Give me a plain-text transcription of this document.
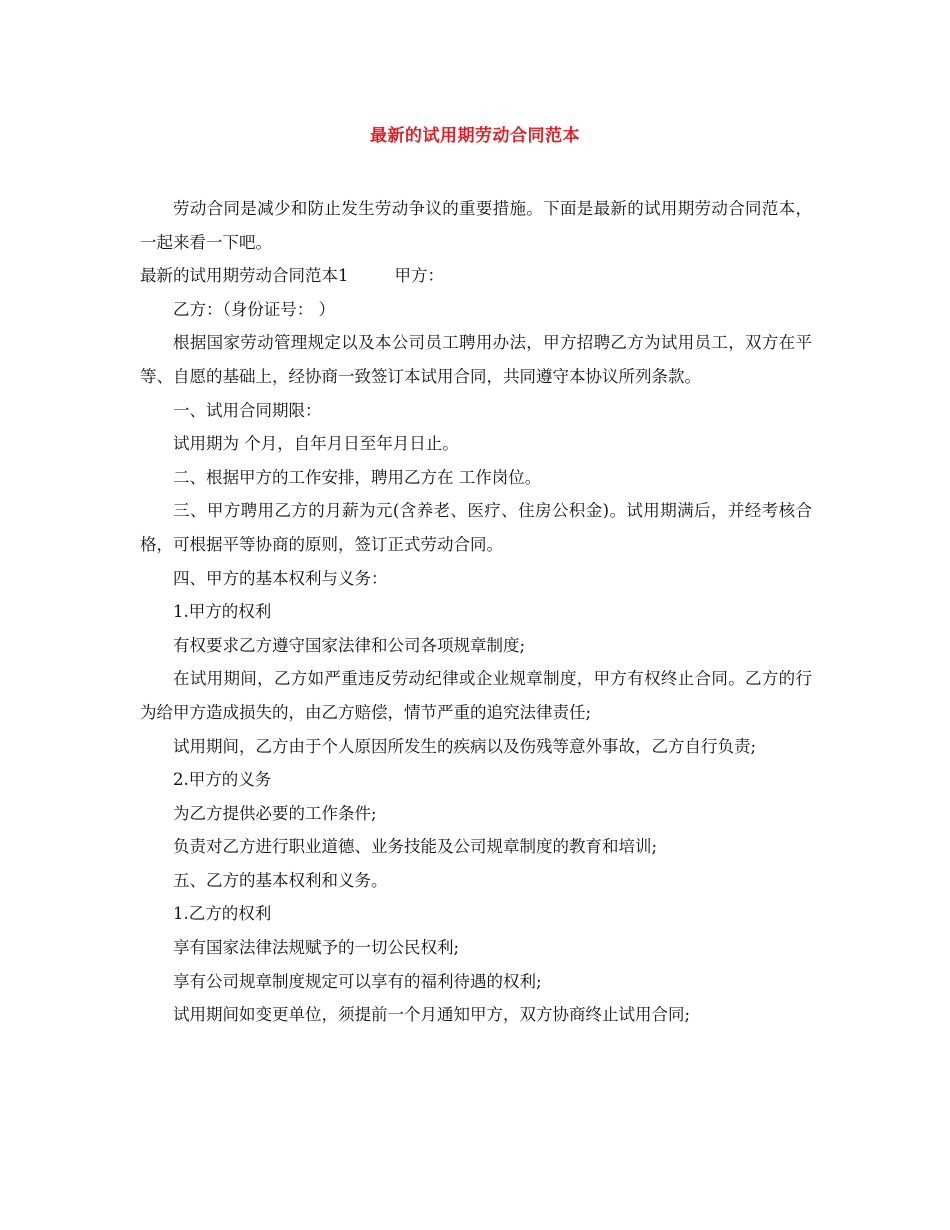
最新的试用期劳动合同范本

劳动合同是减少和防止发生劳动争议的重要措施。下面是最新的试用期劳动合同范本，一起来看一下吧。

最新的试用期劳动合同范本1	甲方：

乙方：（身份证号： ）

根据国家劳动管理规定以及本公司员工聘用办法，甲方招聘乙方为试用员工，双方在平等、自愿的基础上，经协商一致签订本试用合同，共同遵守本协议所列条款。

一、试用合同期限：

试用期为 个月，自年月日至年月日止。

二、根据甲方的工作安排，聘用乙方在 工作岗位。

三、甲方聘用乙方的月薪为元(含养老、医疗、住房公积金)。试用期满后，并经考核合格，可根据平等协商的原则，签订正式劳动合同。

四、甲方的基本权利与义务：

1.甲方的权利

有权要求乙方遵守国家法律和公司各项规章制度;

在试用期间，乙方如严重违反劳动纪律或企业规章制度，甲方有权终止合同。乙方的行为给甲方造成损失的，由乙方赔偿，情节严重的追究法律责任;

试用期间，乙方由于个人原因所发生的疾病以及伤残等意外事故，乙方自行负责;

2.甲方的义务

为乙方提供必要的工作条件;

负责对乙方进行职业道德、业务技能及公司规章制度的教育和培训;

五、乙方的基本权利和义务。

1.乙方的权利

享有国家法律法规赋予的一切公民权利;

享有公司规章制度规定可以享有的福利待遇的权利;

试用期间如变更单位，须提前一个月通知甲方，双方协商终止试用合同;
